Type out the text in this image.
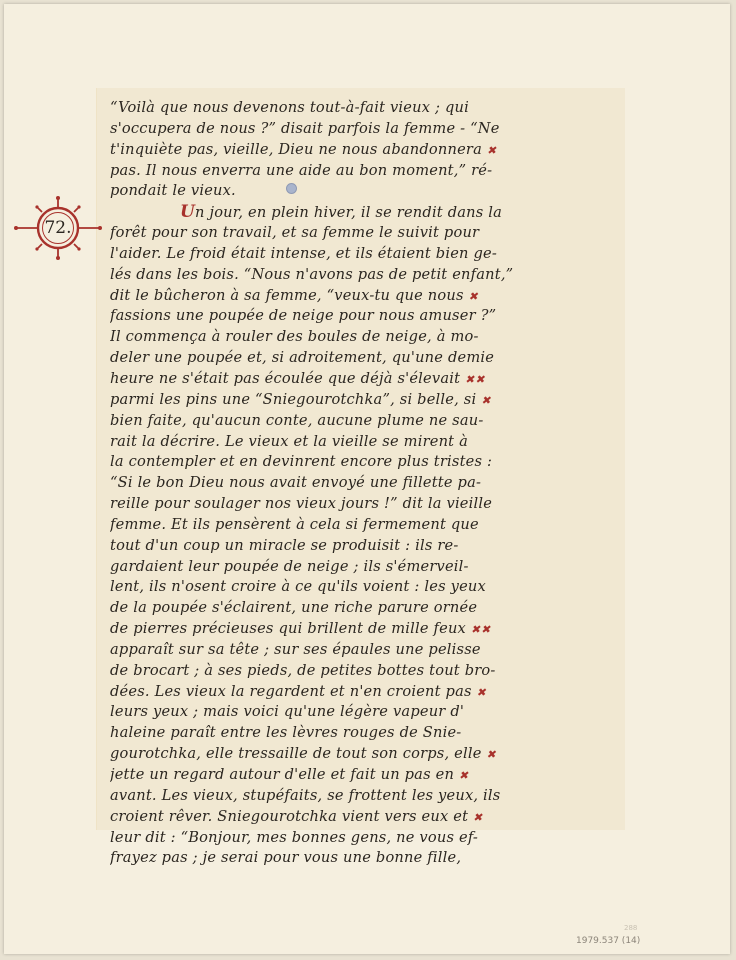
72.
“Voilà que nous devenons tout-à-fait vieux ; qui
s'occupera de nous ?” disait parfois la femme - “Ne
t'inquiète pas, vieille, Dieu ne nous abandonnera ✖
pas. Il nous enverra une aide au bon moment,” ré-
pondait le vieux.
Un jour, en plein hiver, il se rendit dans la
forêt pour son travail, et sa femme le suivit pour
l'aider. Le froid était intense, et ils étaient bien ge-
lés dans les bois. “Nous n'avons pas de petit enfant,”
dit le bûcheron à sa femme, “veux-tu que nous ✖
fassions une poupée de neige pour nous amuser ?”
Il commença à rouler des boules de neige, à mo-
deler une poupée et, si adroitement, qu'une demie
heure ne s'était pas écoulée que déjà s'élevait ✖✖
parmi les pins une “Sniegourotchka”, si belle, si ✖
bien faite, qu'aucun conte, aucune plume ne sau-
rait la décrire. Le vieux et la vieille se mirent à
la contempler et en devinrent encore plus tristes :
“Si le bon Dieu nous avait envoyé une fillette pa-
reille pour soulager nos vieux jours !” dit la vieille
femme. Et ils pensèrent à cela si fermement que
tout d'un coup un miracle se produisit : ils re-
gardaient leur poupée de neige ; ils s'émerveil-
lent, ils n'osent croire à ce qu'ils voient : les yeux
de la poupée s'éclairent, une riche parure ornée
de pierres précieuses qui brillent de mille feux ✖✖
apparaît sur sa tête ; sur ses épaules une pelisse
de brocart ; à ses pieds, de petites bottes tout bro-
dées. Les vieux la regardent et n'en croient pas ✖
leurs yeux ; mais voici qu'une légère vapeur d'
haleine paraît entre les lèvres rouges de Snie-
gourotchka, elle tressaille de tout son corps, elle ✖
jette un regard autour d'elle et fait un pas en ✖
avant. Les vieux, stupéfaits, se frottent les yeux, ils
croient rêver. Sniegourotchka vient vers eux et ✖
leur dit : “Bonjour, mes bonnes gens, ne vous ef-
frayez pas ; je serai pour vous une bonne fille,
1979.537 (14)
288
